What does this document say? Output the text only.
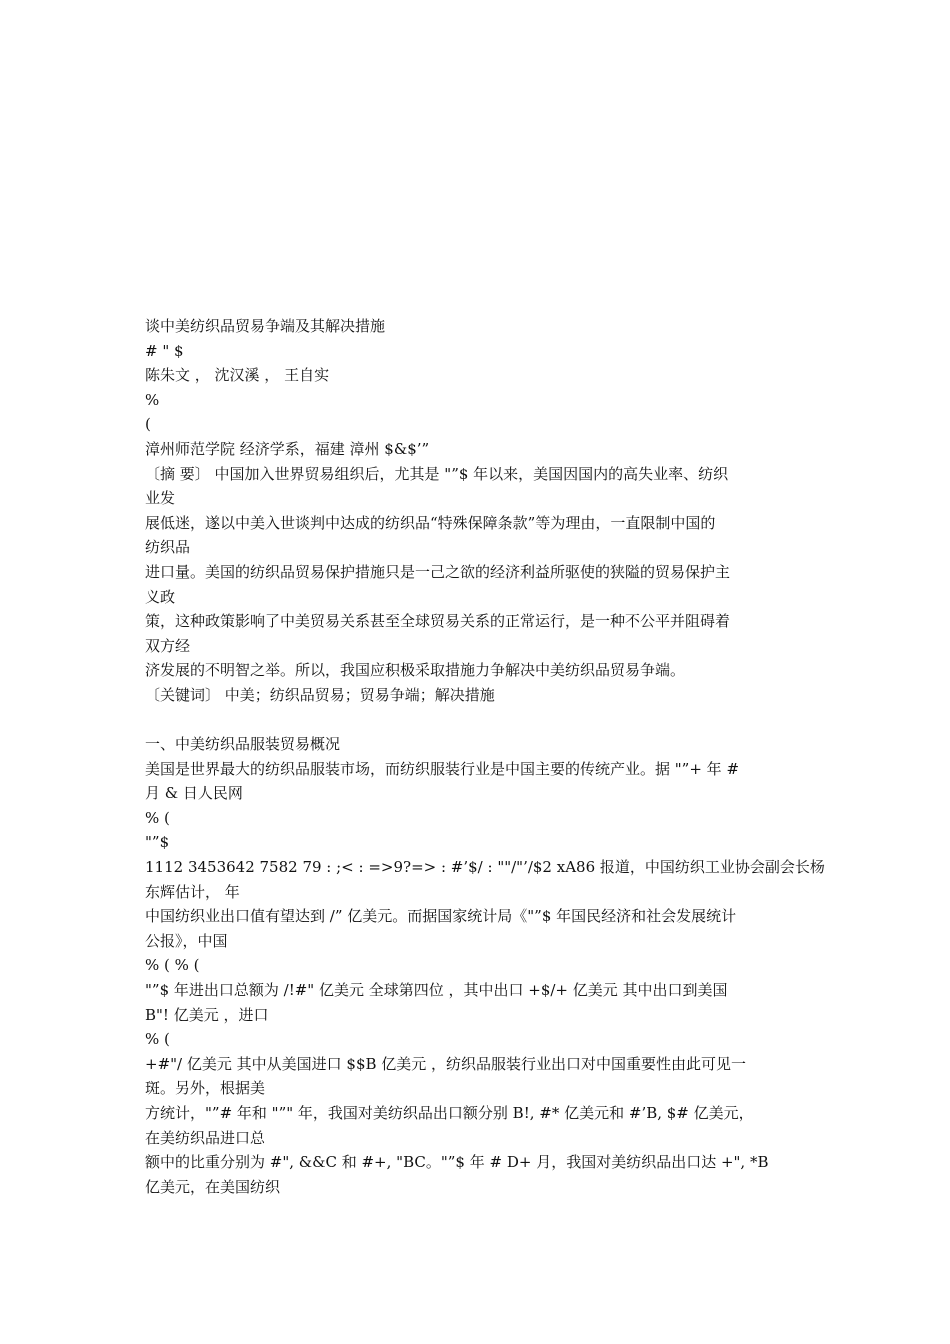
谈中美纺织品贸易争端及其解决措施
# " $
陈朱文 ， 沈汉溪 ， 王自实
%
(
漳州师范学院 经济学系，福建 漳州 $&$’”
〔摘 要〕 中国加入世界贸易组织后，尤其是 "”$ 年以来，美国因国内的高失业率、纺织
业发
展低迷，遂以中美入世谈判中达成的纺织品“特殊保障条款”等为理由，一直限制中国的
纺织品
进口量。美国的纺织品贸易保护措施只是一己之欲的经济利益所驱使的狭隘的贸易保护主
义政
策，这种政策影响了中美贸易关系甚至全球贸易关系的正常运行，是一种不公平并阻碍着
双方经
济发展的不明智之举。所以，我国应积极采取措施力争解决中美纺织品贸易争端。
〔关键词〕 中美；纺织品贸易；贸易争端；解决措施
一、中美纺织品服装贸易概况
美国是世界最大的纺织品服装市场，而纺织服装行业是中国主要的传统产业。据 "”+ 年 #
月 & 日人民网
% (
"”$
1112 3453642 7582 79 : ;< : =>9?=> : #’$/ : ""/"’/$2 xA86 报道，中国纺织工业协会副会长杨
东辉估计， 年
中国纺织业出口值有望达到 /” 亿美元。而据国家统计局《"”$ 年国民经济和社会发展统计
公报》，中国
% ( % (
"”$ 年进出口总额为 /!#" 亿美元 全球第四位 ，其中出口 +$/+ 亿美元 其中出口到美国
B"! 亿美元 ，进口
% (
+#"/ 亿美元 其中从美国进口 $$B 亿美元 ，纺织品服装行业出口对中国重要性由此可见一
斑。另外，根据美
方统计，"”# 年和 "”" 年，我国对美纺织品出口额分别 B!, #* 亿美元和 #’B, $# 亿美元，
在美纺织品进口总
额中的比重分别为 #", &&C 和 #+, "BC。"”$ 年 # D+ 月，我国对美纺织品出口达 +", *B
亿美元，在美国纺织
